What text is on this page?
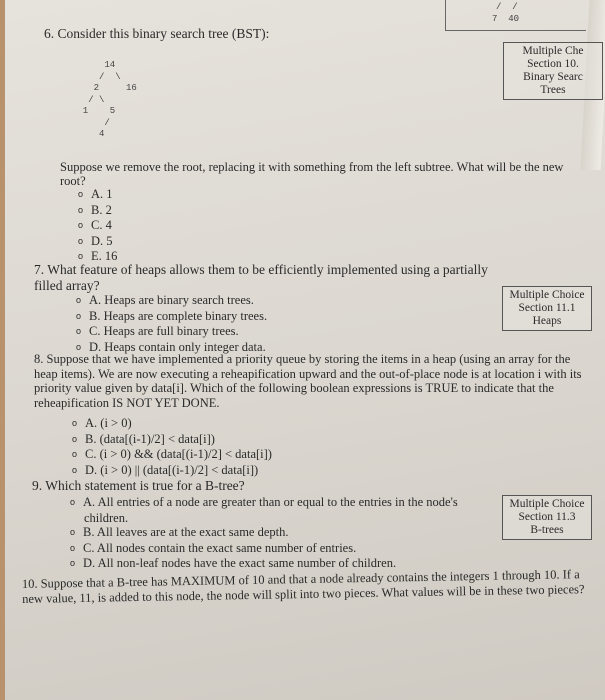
/  /
7  40
6. Consider this binary search tree (BST):
14
/  \
2     16
/ \
1    5
/
4
Multiple Che
Section 10.
Binary Searc
Trees
Suppose we remove the root, replacing it with something from the left subtree. What will be the new root?
o A. 1
o B. 2
o C. 4
o D. 5
o E. 16
7. What feature of heaps allows them to be efficiently implemented using a partially filled array?
Multiple Choice
Section 11.1
Heaps
o A. Heaps are binary search trees.
o B. Heaps are complete binary trees.
o C. Heaps are full binary trees.
o D. Heaps contain only integer data.
8. Suppose that we have implemented a priority queue by storing the items in a heap (using an array for the heap items). We are now executing a reheapification upward and the out-of-place node is at location i with its priority value given by data[i]. Which of the following boolean expressions is TRUE to indicate that the reheapification IS NOT YET DONE.
o A. (i > 0)
o B. (data[(i-1)/2] < data[i])
o C. (i > 0) && (data[(i-1)/2] < data[i])
o D. (i > 0) || (data[(i-1)/2] < data[i])
9. Which statement is true for a B-tree?
Multiple Choice
Section 11.3
B-trees
o A. All entries of a node are greater than or equal to the entries in the node's children.
o B. All leaves are at the exact same depth.
o C. All nodes contain the exact same number of entries.
o D. All non-leaf nodes have the exact same number of children.
10. Suppose that a B-tree has MAXIMUM of 10 and that a node already contains the integers 1 through 10. If a new value, 11, is added to this node, the node will split into two pieces. What values will be in these two pieces?
